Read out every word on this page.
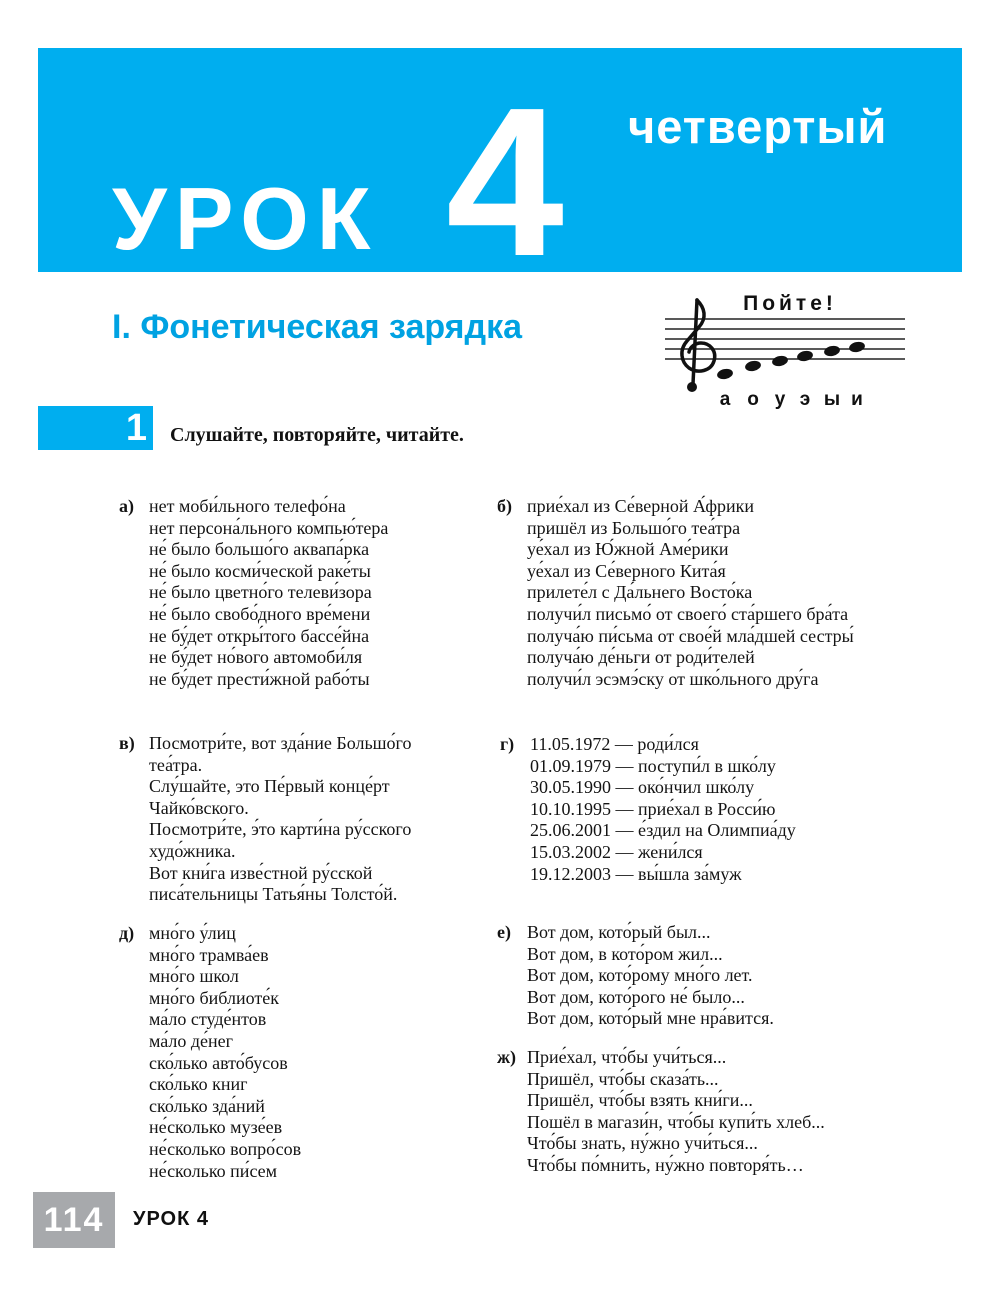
УРОК 4 четвертый
I. Фонетическая зарядка
Пойте!
а о у э ы и
1	Слушайте, повторяйте, читайте.
а) нет моби́льного телефо́на
нет персона́льного компью́тера
не́ было большо́го аквапа́рка
не́ было косми́ческой раке́ты
не́ было цветно́го телеви́зора
не́ было свобо́дного вре́мени
не бу́дет откры́того бассе́йна
не бу́дет но́вого автомоби́ля
не бу́дет прести́жной рабо́ты
б) прие́хал из Се́верной А́фрики
пришёл из Большо́го теа́тра
уе́хал из Ю́жной Аме́рики
уе́хал из Се́верного Кита́я
прилете́л с Да́льнего Восто́ка
получи́л письмо́ от своего́ ста́ршего бра́та
получа́ю пи́сьма от свое́й мла́дшей сестры́
получа́ю де́ньги от роди́телей
получи́л эсэмэ́ску от шко́льного дру́га
в) Посмотри́те, вот зда́ние Большо́го
теа́тра.
Слу́шайте, это Пе́рвый конце́рт
Чайко́вского.
Посмотри́те, э́то карти́на ру́сского
худо́жника.
Вот кни́га изве́стной ру́сской
писа́тельницы Татья́ны Толсто́й.
г) 11.05.1972 — роди́лся
01.09.1979 — поступи́л в шко́лу
30.05.1990 — око́нчил шко́лу
10.10.1995 — прие́хал в Росси́ю
25.06.2001 — е́здил на Олимпиа́ду
15.03.2002 — жени́лся
19.12.2003 — вы́шла за́муж
д) мно́го у́лиц
мно́го трамва́ев
мно́го школ
мно́го библиоте́к
ма́ло студе́нтов
ма́ло де́нег
ско́лько авто́бусов
ско́лько книг
ско́лько зда́ний
не́сколько музе́ев
не́сколько вопро́сов
не́сколько пи́сем
е) Вот дом, кото́рый был...
Вот дом, в кото́ром жил...
Вот дом, кото́рому мно́го лет.
Вот дом, кото́рого не́ было...
Вот дом, кото́рый мне нра́вится.
ж) Прие́хал, что́бы учи́ться...
Пришёл, что́бы сказа́ть...
Пришёл, что́бы взять кни́ги...
Пошёл в магази́н, что́бы купи́ть хлеб...
Что́бы знать, ну́жно учи́ться...
Что́бы по́мнить, ну́жно повторя́ть…
114 УРОК 4
